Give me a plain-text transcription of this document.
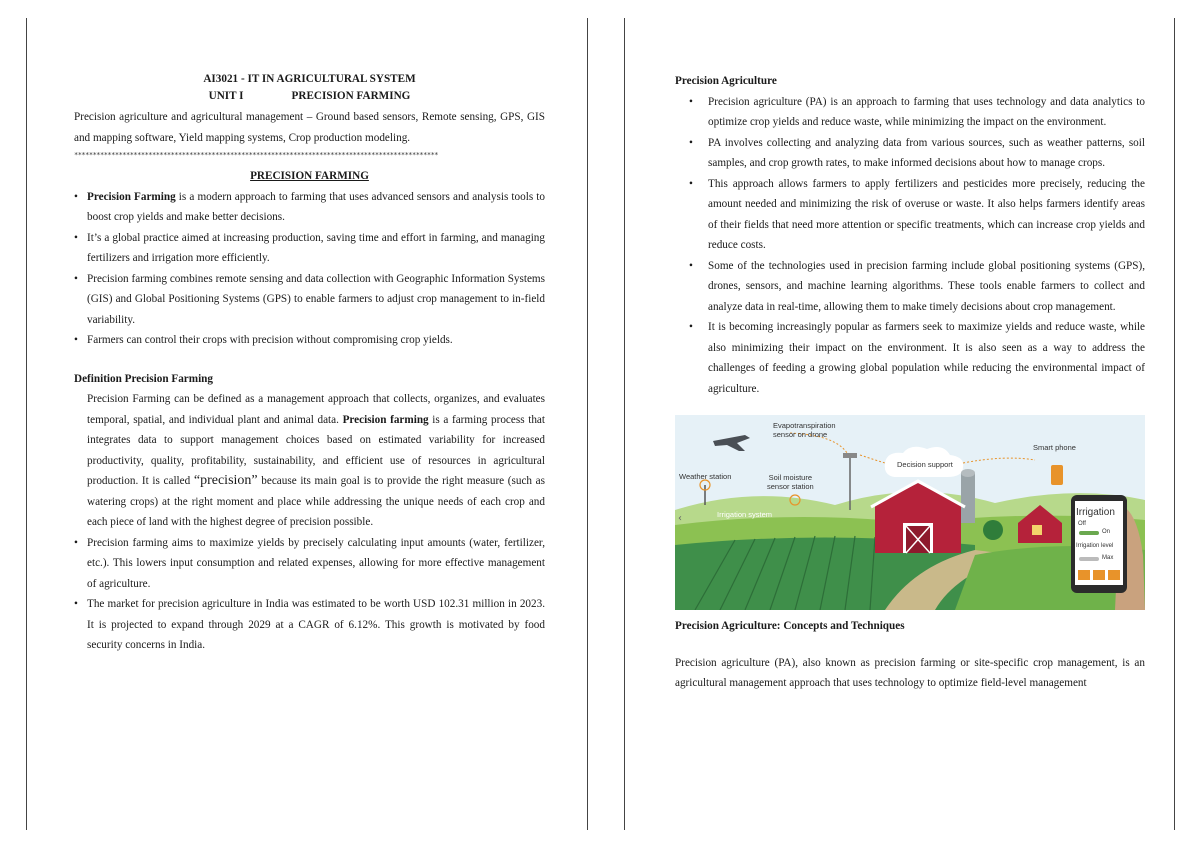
AI3021 - IT IN AGRICULTURAL SYSTEM
UNIT I	PRECISION FARMING
Precision agriculture and agricultural management – Ground based sensors, Remote sensing, GPS, GIS and mapping software, Yield mapping systems, Crop production modeling.
**************************************************************************************************
PRECISION FARMING
• Precision Farming is a modern approach to farming that uses advanced sensors and analysis tools to boost crop yields and make better decisions.
• It’s a global practice aimed at increasing production, saving time and effort in farming, and managing fertilizers and irrigation more efficiently.
• Precision farming combines remote sensing and data collection with Geographic Information Systems (GIS) and Global Positioning Systems (GPS) to enable farmers to adjust crop management to in-field variability.
• Farmers can control their crops with precision without compromising crop yields.
Definition Precision Farming
Precision Farming can be defined as a management approach that collects, organizes, and evaluates temporal, spatial, and individual plant and animal data. Precision farming is a farming process that integrates data to support management choices based on estimated variability for increased productivity, quality, profitability, sustainability, and efficient use of resources in agricultural production. It is called “precision” because its main goal is to provide the right measure (such as watering crops) at the right moment and place while addressing the unique needs of each crop and each piece of land with the highest degree of precision possible.
• Precision farming aims to maximize yields by precisely calculating input amounts (water, fertilizer, etc.). This lowers input consumption and related expenses, allowing for more effective management of agriculture.
• The market for precision agriculture in India was estimated to be worth USD 102.31 million in 2023. It is projected to expand through 2029 at a CAGR of 6.12%. This growth is motivated by food security concerns in India.
Precision Agriculture
• Precision agriculture (PA) is an approach to farming that uses technology and data analytics to optimize crop yields and reduce waste, while minimizing the impact on the environment.
• PA involves collecting and analyzing data from various sources, such as weather patterns, soil samples, and crop growth rates, to make informed decisions about how to manage crops.
• This approach allows farmers to apply fertilizers and pesticides more precisely, reducing the amount needed and minimizing the risk of overuse or waste. It also helps farmers identify areas of their fields that need more attention or specific treatments, which can increase crop yields and reduce costs.
• Some of the technologies used in precision farming include global positioning systems (GPS), drones, sensors, and machine learning algorithms. These tools enable farmers to collect and analyze data in real-time, allowing them to make timely decisions about crop management.
• It is becoming increasingly popular as farmers seek to maximize yields and reduce waste, while also minimizing their impact on the environment. It is also seen as a way to address the challenges of feeding a growing global population while reducing the environmental impact of agriculture.
‹
Evapotranspiration
sensor on drone
Smart phone
Decision support
Weather station	Soil moisture
sensor station
Irrigation system	Irrigation
Off
On
Irrigation level
Max
Precision Agriculture: Concepts and Techniques
Precision agriculture (PA), also known as precision farming or site-specific crop management, is an agricultural management approach that uses technology to optimize field-level management
